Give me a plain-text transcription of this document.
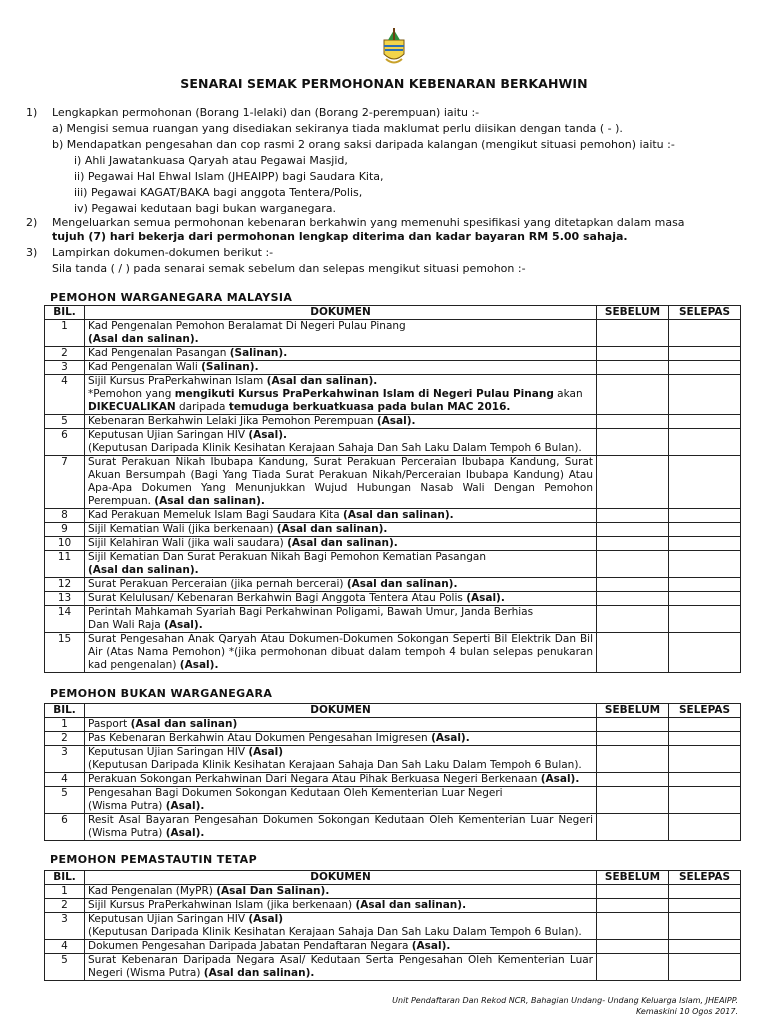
SENARAI SEMAK PERMOHONAN KEBENARAN BERKAHWIN
1) Lengkapkan permohonan (Borang 1-lelaki) dan (Borang 2-perempuan) iaitu :-
a) Mengisi semua ruangan yang disediakan sekiranya tiada maklumat perlu diisikan dengan tanda ( - ).
b) Mendapatkan pengesahan dan cop rasmi 2 orang saksi daripada kalangan (mengikut situasi pemohon) iaitu :-
i) Ahli Jawatankuasa Qaryah atau Pegawai Masjid,
ii) Pegawai Hal Ehwal Islam (JHEAIPP) bagi Saudara Kita,
iii) Pegawai KAGAT/BAKA bagi anggota Tentera/Polis,
iv) Pegawai kedutaan bagi bukan warganegara.
2) Mengeluarkan semua permohonan kebenaran berkahwin yang memenuhi spesifikasi yang ditetapkan dalam masa
tujuh (7) hari bekerja dari permohonan lengkap diterima dan kadar bayaran RM 5.00 sahaja.
3) Lampirkan dokumen-dokumen berikut :-
Sila tanda ( / ) pada senarai semak sebelum dan selepas mengikut situasi pemohon :-
PEMOHON WARGANEGARA MALAYSIA
BIL.	DOKUMEN	SEBELUM	SELEPAS
1	Kad Pengenalan Pemohon Beralamat Di Negeri Pulau Pinang
(Asal dan salinan).		
2	Kad Pengenalan Pasangan (Salinan).		
3	Kad Pengenalan Wali (Salinan).		
4	Sijil Kursus PraPerkahwinan Islam (Asal dan salinan).
*Pemohon yang mengikuti Kursus PraPerkahwinan Islam di Negeri Pulau Pinang akan
DIKECUALIKAN daripada temuduga berkuatkuasa pada bulan MAC 2016.		
5	Kebenaran Berkahwin Lelaki Jika Pemohon Perempuan (Asal).		
6	Keputusan Ujian Saringan HIV (Asal).
(Keputusan Daripada Klinik Kesihatan Kerajaan Sahaja Dan Sah Laku Dalam Tempoh 6 Bulan).		
7	Surat Perakuan Nikah Ibubapa Kandung, Surat Perakuan Perceraian Ibubapa Kandung, Surat Akuan Bersumpah (Bagi Yang Tiada Surat Perakuan Nikah/Perceraian Ibubapa Kandung) Atau Apa-Apa Dokumen Yang Menunjukkan Wujud Hubungan Nasab Wali Dengan Pemohon Perempuan. (Asal dan salinan).		
8	Kad Perakuan Memeluk Islam Bagi Saudara Kita (Asal dan salinan).		
9	Sijil Kematian Wali (jika berkenaan) (Asal dan salinan).		
10	Sijil Kelahiran Wali (jika wali saudara) (Asal dan salinan).		
11	Sijil Kematian Dan Surat Perakuan Nikah Bagi Pemohon Kematian Pasangan
(Asal dan salinan).		
12	Surat Perakuan Perceraian (jika pernah bercerai) (Asal dan salinan).		
13	Surat Kelulusan/ Kebenaran Berkahwin Bagi Anggota Tentera Atau Polis (Asal).		
14	Perintah Mahkamah Syariah Bagi Perkahwinan Poligami, Bawah Umur, Janda Berhias
Dan Wali Raja (Asal).		
15	Surat Pengesahan Anak Qaryah Atau Dokumen-Dokumen Sokongan Seperti Bil Elektrik Dan Bil Air (Atas Nama Pemohon) *(jika permohonan dibuat dalam tempoh 4 bulan selepas penukaran kad pengenalan) (Asal).		
PEMOHON BUKAN WARGANEGARA
BIL.	DOKUMEN	SEBELUM	SELEPAS
1	Pasport (Asal dan salinan)		
2	Pas Kebenaran Berkahwin Atau Dokumen Pengesahan Imigresen (Asal).		
3	Keputusan Ujian Saringan HIV (Asal)
(Keputusan Daripada Klinik Kesihatan Kerajaan Sahaja Dan Sah Laku Dalam Tempoh 6 Bulan).		
4	Perakuan Sokongan Perkahwinan Dari Negara Atau Pihak Berkuasa Negeri Berkenaan (Asal).		
5	Pengesahan Bagi Dokumen Sokongan Kedutaan Oleh Kementerian Luar Negeri
(Wisma Putra) (Asal).		
6	Resit Asal Bayaran Pengesahan Dokumen Sokongan Kedutaan Oleh Kementerian Luar Negeri (Wisma Putra) (Asal).		
PEMOHON PEMASTAUTIN TETAP
BIL.	DOKUMEN	SEBELUM	SELEPAS
1	Kad Pengenalan (MyPR) (Asal Dan Salinan).		
2	Sijil Kursus PraPerkahwinan Islam (jika berkenaan) (Asal dan salinan).		
3	Keputusan Ujian Saringan HIV (Asal)
(Keputusan Daripada Klinik Kesihatan Kerajaan Sahaja Dan Sah Laku Dalam Tempoh 6 Bulan).		
4	Dokumen Pengesahan Daripada Jabatan Pendaftaran Negara (Asal).		
5	Surat Kebenaran Daripada Negara Asal/ Kedutaan Serta Pengesahan Oleh Kementerian Luar Negeri (Wisma Putra) (Asal dan salinan).		
Unit Pendaftaran Dan Rekod NCR, Bahagian Undang- Undang Keluarga Islam, JHEAIPP.
Kemaskini 10 Ogos 2017.
